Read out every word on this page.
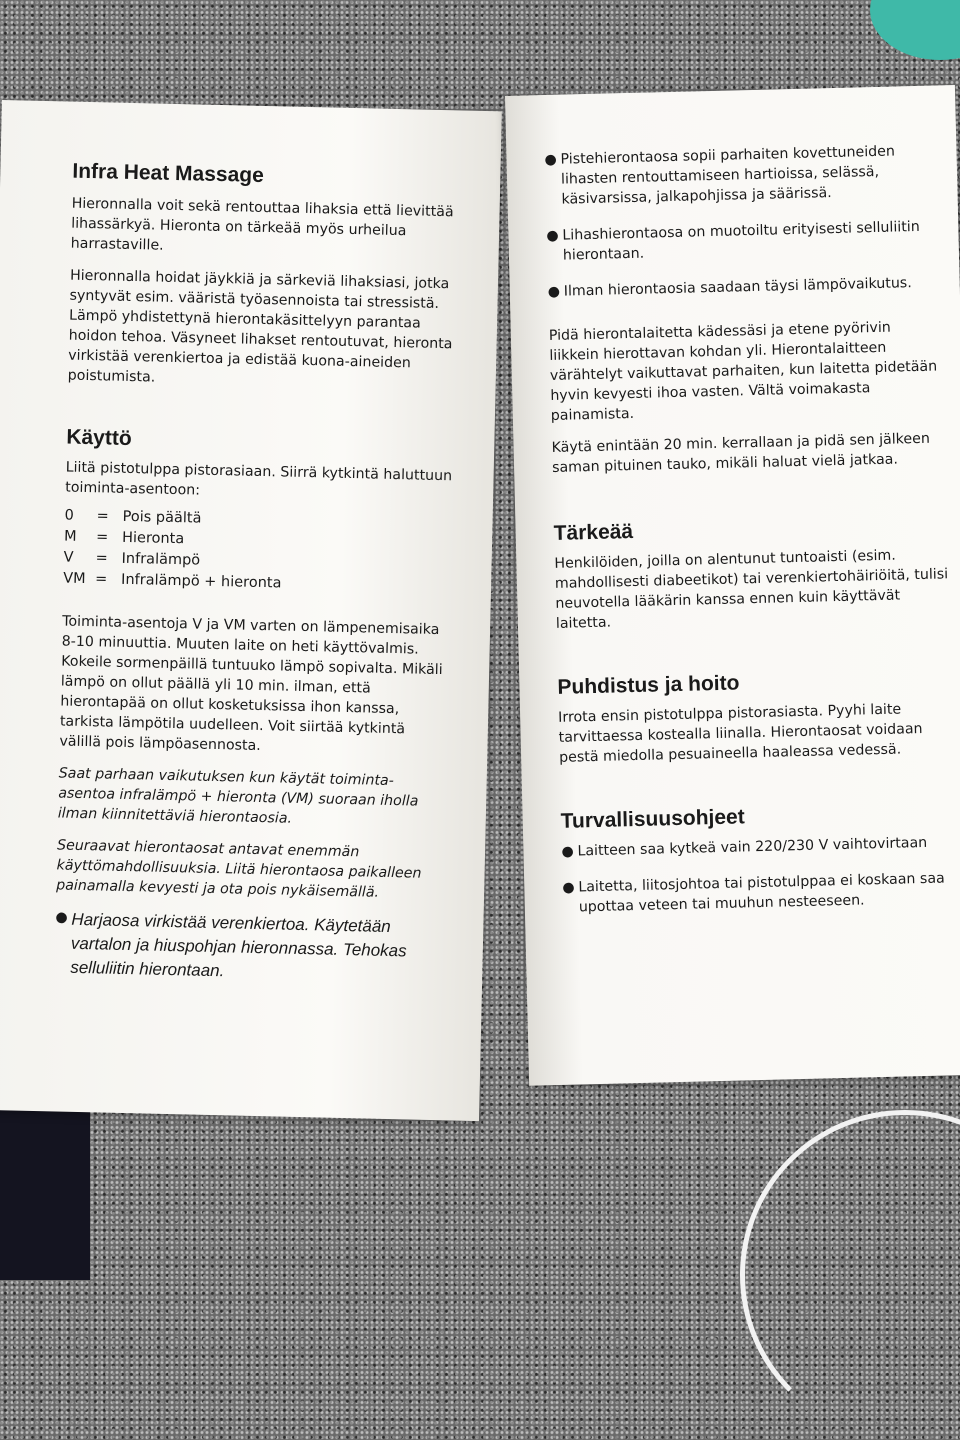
Infra Heat Massage

Hieronnalla voit sekä rentouttaa lihaksia että lievittää lihassärkyä. Hieronta on tärkeää myös urheilua harrastaville.

Hieronnalla hoidat jäykkiä ja särkeviä lihaksiasi, jotka syntyvät esim. vääristä työasennoista tai stressistä. Lämpö yhdistettynä hierontakäsittelyyn parantaa hoidon tehoa. Väsyneet lihakset rentoutuvat, hieronta virkistää verenkiertoa ja edistää kuona-aineiden poistumista.

Käyttö

Liitä pistotulppa pistorasiaan. Siirrä kytkintä haluttuun toiminta-asentoon:

0	= Pois päältä
M	= Hieronta
V	= Infralämpö
VM = Infralämpö + hieronta

Toiminta-asentoja V ja VM varten on lämpenemisaika 8-10 minuuttia. Muuten laite on heti käyttövalmis. Kokeile sormenpäillä tuntuuko lämpö sopivalta. Mikäli lämpö on ollut päällä yli 10 min. ilman, että hierontapää on ollut kosketuksissa ihon kanssa, tarkista lämpötila uudelleen. Voit siirtää kytkintä välillä pois lämpöasennosta.

Saat parhaan vaikutuksen kun käytät toiminta-asentoa infralämpö + hieronta (VM) suoraan iholla ilman kiinnitettäviä hierontaosia.

Seuraavat hierontaosat antavat enemmän käyttömahdollisuuksia. Liitä hierontaosa paikalleen painamalla kevyesti ja ota pois nykäisemällä.

● Harjaosa virkistää verenkiertoa. Käytetään vartalon ja hiuspohjan hieronnassa. Tehokas selluliitin hierontaan.

● Pistehierontaosa sopii parhaiten kovettuneiden lihasten rentouttamiseen hartioissa, selässä, käsivarsissa, jalkapohjissa ja säärissä.

● Lihashierontaosa on muotoiltu erityisesti selluliitin hierontaan.

● Ilman hierontaosia saadaan täysi lämpövaikutus.

Pidä hierontalaitetta kädessäsi ja etene pyörivin liikkein hierottavan kohdan yli. Hierontalaitteen värähtelyt vaikuttavat parhaiten, kun laitetta pidetään hyvin kevyesti ihoa vasten. Vältä voimakasta painamista.

Käytä enintään 20 min. kerrallaan ja pidä sen jälkeen saman pituinen tauko, mikäli haluat vielä jatkaa.

Tärkeää

Henkilöiden, joilla on alentunut tuntoaisti (esim. mahdollisesti diabeetikot) tai verenkiertohäiriöitä, tulisi neuvotella lääkärin kanssa ennen kuin käyttävät laitetta.

Puhdistus ja hoito

Irrota ensin pistotulppa pistorasiasta. Pyyhi laite tarvittaessa kostealla liinalla. Hierontaosat voidaan pestä miedolla pesuaineella haaleassa vedessä.

Turvallisuusohjeet
● Laitteen saa kytkeä vain 220/230 V vaihtovirtaan

● Laitetta, liitosjohtoa tai pistotulppaa ei koskaan saa upottaa veteen tai muuhun nesteeseen.
